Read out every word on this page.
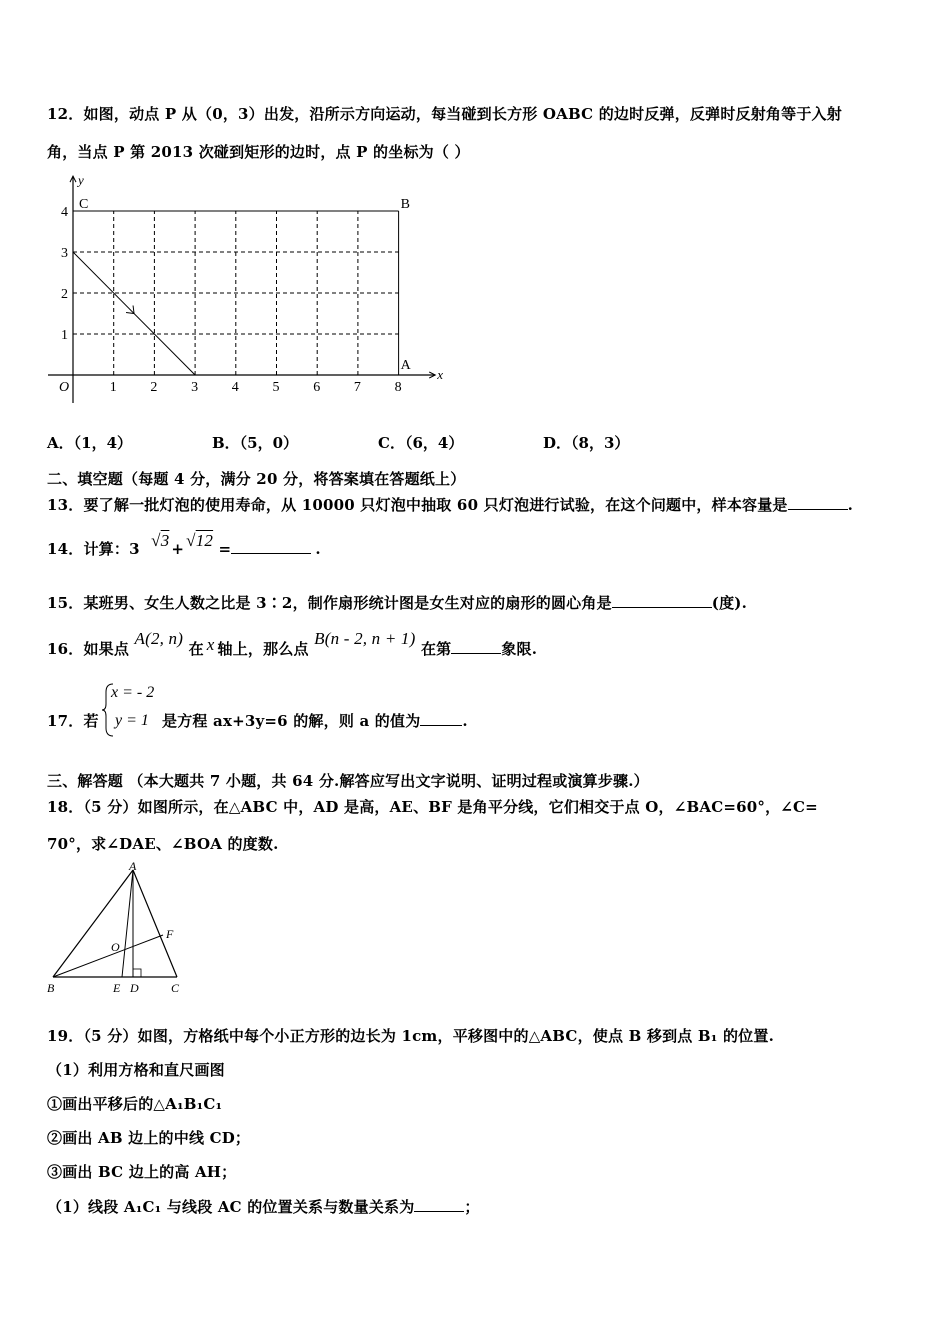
12．如图，动点 P 从（0，3）出发，沿所示方向运动，每当碰到长方形 OABC 的边时反弹，反弹时反射角等于入射
角，当点 P 第 2013 次碰到矩形的边时，点 P 的坐标为（ ）
1 2 3 4 5 6 7 8
1
2
3
4
O
x
y
C	B
A
A．（1，4）	B．（5，0）	C．（6，4）	D．（8，3）
二、填空题（每题 4 分，满分 20 分，将答案填在答题纸上）
13．要了解一批灯泡的使用寿命，从 10000 只灯泡中抽取 60 只灯泡进行试验，在这个问题中，样本容量是	.
14．计算：3 √3 + √12 =	.
15．某班男、女生人数之比是 3∶2，制作扇形统计图是女生对应的扇形的圆心角是	(度).
16．如果点 A(2, n) 在 x 轴上，那么点 B(n - 2, n + 1) 在第	象限.
17．若
x = - 2
y = 1 是方程 ax+3y=6 的解，则 a 的值为	.
三、解答题 （本大题共 7 小题，共 64 分.解答应写出文字说明、证明过程或演算步骤.）
18．（5 分）如图所示，在△ABC 中，AD 是高，AE、BF 是角平分线，它们相交于点 O，∠BAC=60°，∠C=
70°，求∠DAE、∠BOA 的度数.
A
B	C
D
E
F
O
19．（5 分）如图，方格纸中每个小正方形的边长为 1cm，平移图中的△ABC，使点 B 移到点 B₁ 的位置.
（1）利用方格和直尺画图
①画出平移后的△A₁B₁C₁
②画出 AB 边上的中线 CD；
③画出 BC 边上的高 AH；
（1）线段 A₁C₁ 与线段 AC 的位置关系与数量关系为	；
